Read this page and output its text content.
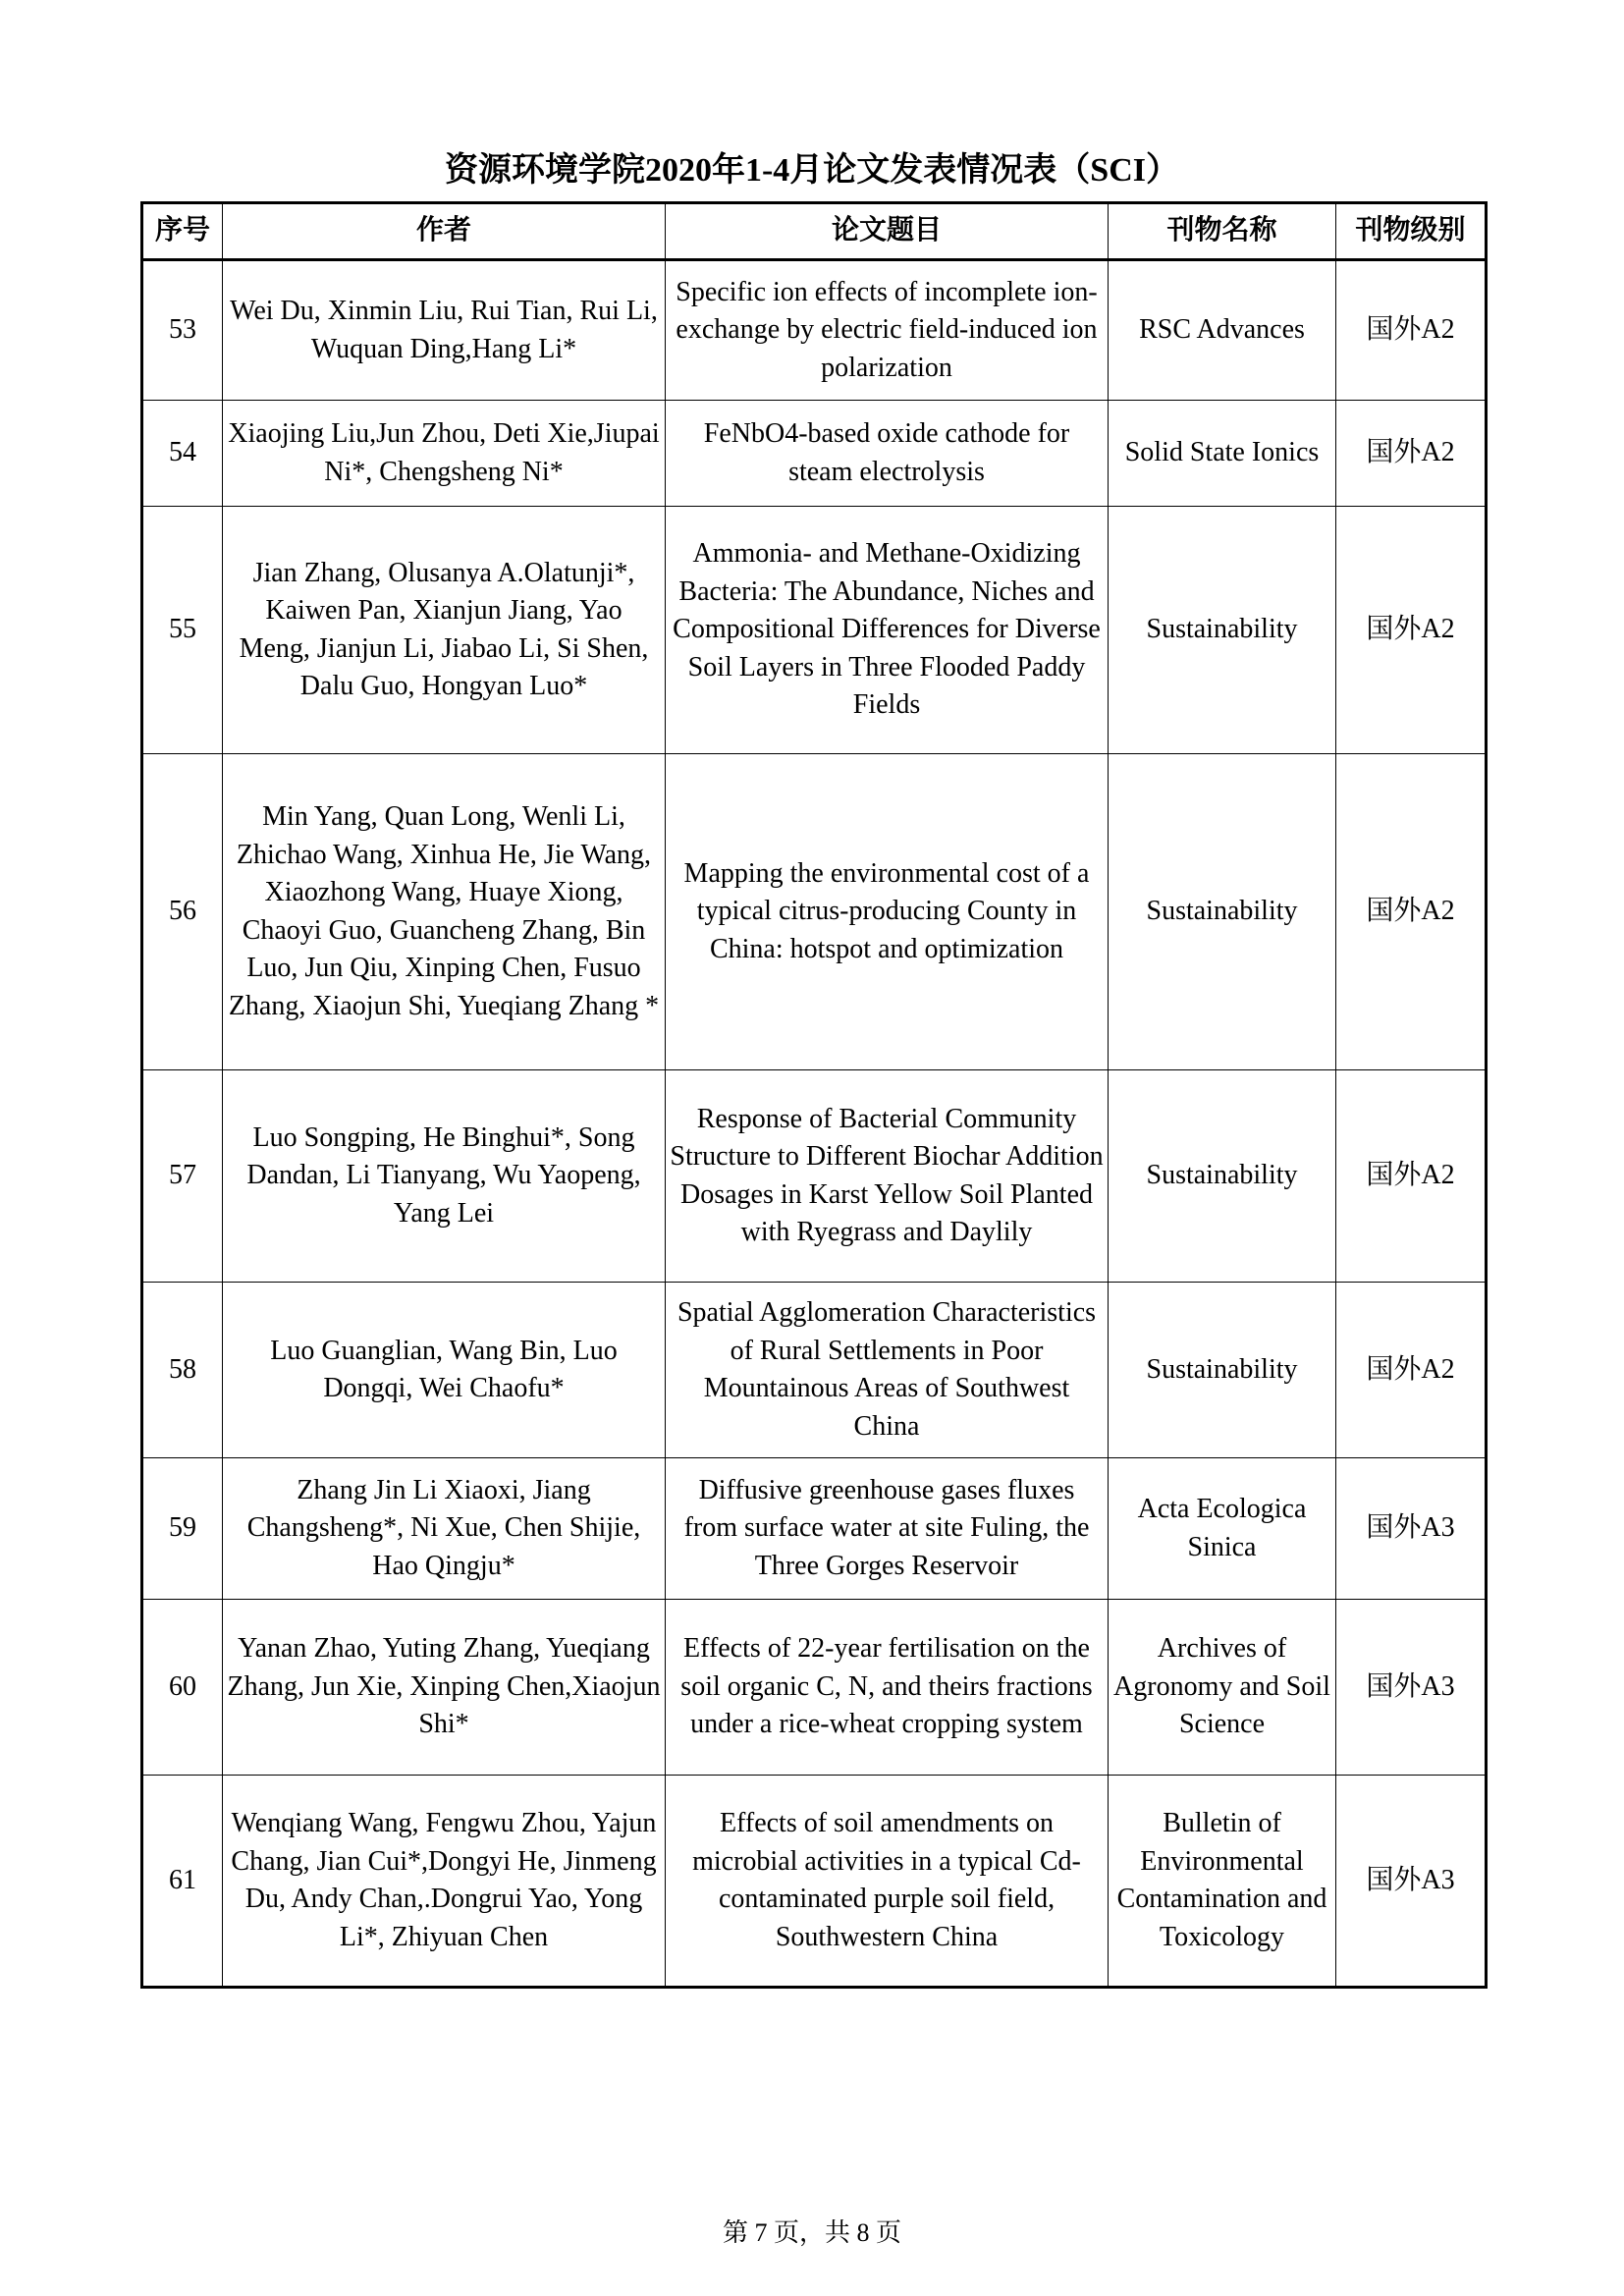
资源环境学院2020年1-4月论文发表情况表（SCI）
序号	作者	论文题目	刊物名称	刊物级别
53	Wei Du, Xinmin Liu, Rui Tian, Rui Li, Wuquan Ding,Hang Li*	Specific ion effects of incomplete ion-exchange by electric field-induced ion polarization	RSC Advances	国外A2
54	Xiaojing Liu,Jun Zhou, Deti Xie,Jiupai Ni*, Chengsheng Ni*	FeNbO4-based oxide cathode for steam electrolysis	Solid State Ionics	国外A2
55	Jian Zhang, Olusanya A.Olatunji*, Kaiwen Pan, Xianjun Jiang, Yao Meng, Jianjun Li, Jiabao Li, Si Shen, Dalu Guo, Hongyan Luo*	Ammonia- and Methane-Oxidizing Bacteria: The Abundance, Niches and Compositional Differences for Diverse Soil Layers in Three Flooded Paddy Fields	Sustainability	国外A2
56	Min Yang, Quan Long, Wenli Li, Zhichao Wang, Xinhua He, Jie Wang, Xiaozhong Wang, Huaye Xiong, Chaoyi Guo, Guancheng Zhang, Bin Luo, Jun Qiu, Xinping Chen, Fusuo Zhang, Xiaojun Shi, Yueqiang Zhang *	Mapping the environmental cost of a typical citrus-producing County in China: hotspot and optimization	Sustainability	国外A2
57	Luo Songping, He Binghui*, Song Dandan, Li Tianyang, Wu Yaopeng, Yang Lei	Response of Bacterial Community Structure to Different Biochar Addition Dosages in Karst Yellow Soil Planted with Ryegrass and Daylily	Sustainability	国外A2
58	Luo Guanglian, Wang Bin, Luo Dongqi, Wei Chaofu*	Spatial Agglomeration Characteristics of Rural Settlements in Poor Mountainous Areas of Southwest China	Sustainability	国外A2
59	Zhang Jin Li Xiaoxi, Jiang Changsheng*, Ni Xue, Chen Shijie, Hao Qingju*	Diffusive greenhouse gases fluxes from surface water at site Fuling, the Three Gorges Reservoir	Acta Ecologica Sinica	国外A3
60	Yanan Zhao, Yuting Zhang, Yueqiang Zhang, Jun Xie, Xinping Chen,Xiaojun Shi*	Effects of 22-year fertilisation on the soil organic C, N, and theirs fractions under a rice-wheat cropping system	Archives of Agronomy and Soil Science	国外A3
61	Wenqiang Wang, Fengwu Zhou, Yajun Chang, Jian Cui*,Dongyi He, Jinmeng Du, Andy Chan,.Dongrui Yao, Yong Li*, Zhiyuan Chen	Effects of soil amendments on microbial activities in a typical Cd-contaminated purple soil field, Southwestern China	Bulletin of Environmental Contamination and Toxicology	国外A3
第 7 页，共 8 页
